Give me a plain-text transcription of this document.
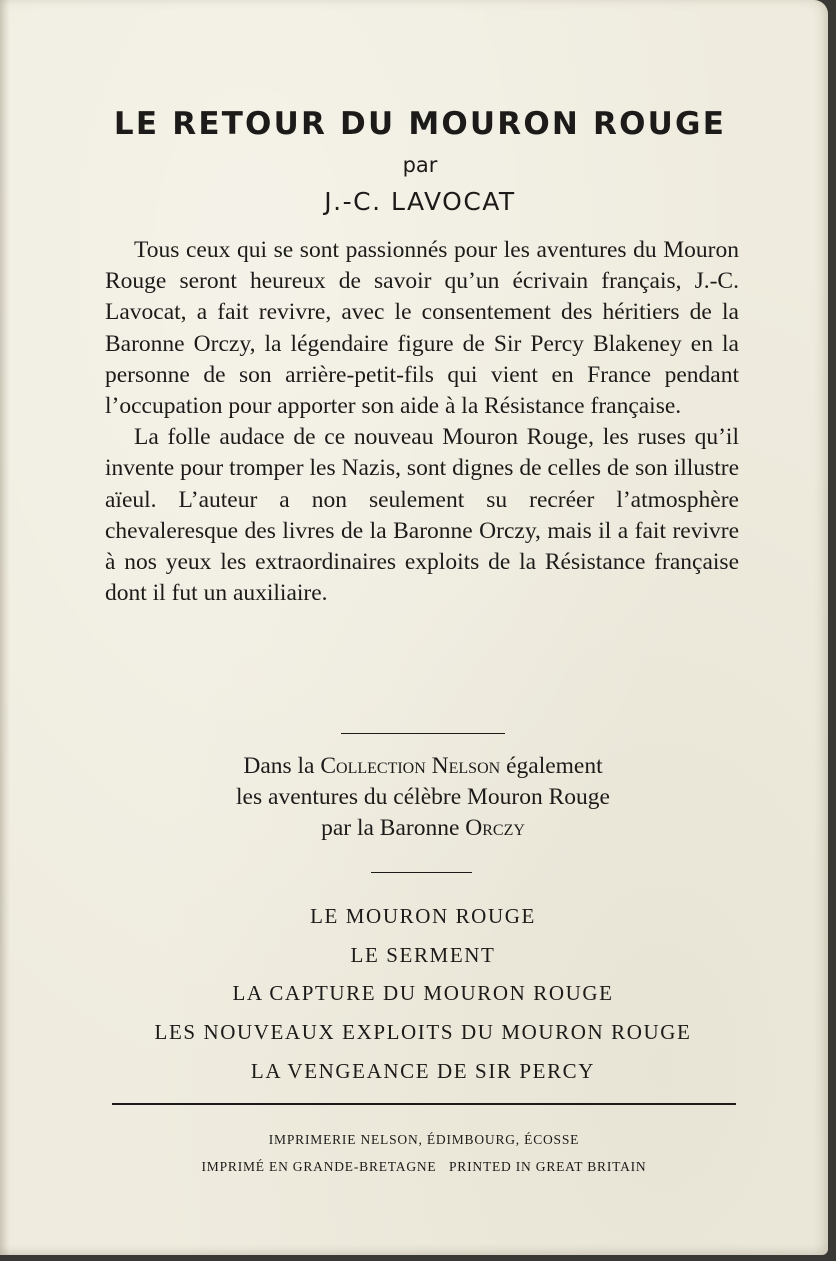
LE RETOUR DU MOURON ROUGE
par
J.-C. LAVOCAT

Tous ceux qui se sont passionnés pour les aventures du Mouron Rouge seront heureux de savoir qu’un écrivain français, J.-C. Lavocat, a fait revivre, avec le consentement des héritiers de la Baronne Orczy, la légendaire figure de Sir Percy Blakeney en la personne de son arrière-petit-fils qui vient en France pendant l’occupation pour apporter son aide à la Résistance française.

La folle audace de ce nouveau Mouron Rouge, les ruses qu’il invente pour tromper les Nazis, sont dignes de celles de son illustre aïeul. L’auteur a non seulement su recréer l’atmosphère chevaleresque des livres de la Baronne Orczy, mais il a fait revivre à nos yeux les extraordinaires exploits de la Résistance française dont il fut un auxiliaire.

Dans la Collection Nelson également
les aventures du célèbre Mouron Rouge
par la Baronne Orczy
LE MOURON ROUGE
LE SERMENT
LA CAPTURE DU MOURON ROUGE
LES NOUVEAUX EXPLOITS DU MOURON ROUGE
LA VENGEANCE DE SIR PERCY
IMPRIMERIE NELSON, ÉDIMBOURG, ÉCOSSE
IMPRIMÉ EN GRANDE-BRETAGNE   PRINTED IN GREAT BRITAIN
